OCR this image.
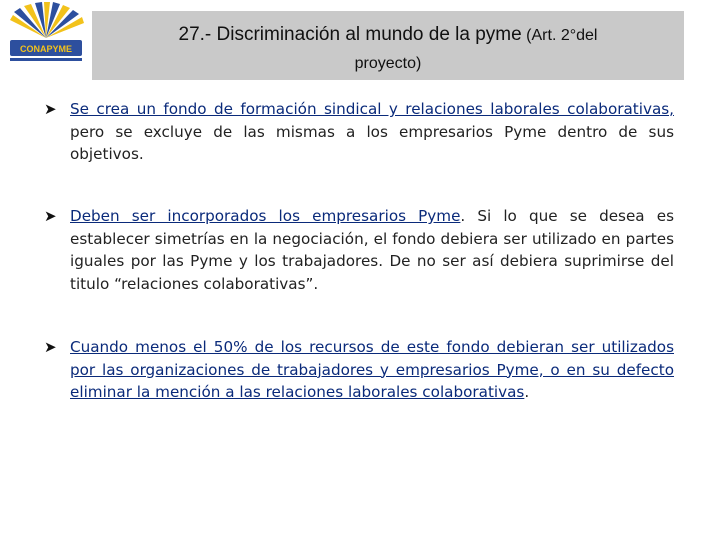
CONAPYME
27.- Discriminación al mundo de la pyme (Art. 2°del
proyecto)
➤ Se crea un fondo de formación sindical y relaciones laborales colaborativas, pero se excluye de las mismas a los empresarios Pyme dentro de sus objetivos.
➤ Deben ser incorporados los empresarios Pyme. Si lo que se desea es establecer simetrías en la negociación, el fondo debiera ser utilizado en partes iguales por las Pyme y los trabajadores. De no ser así debiera suprimirse del titulo “relaciones colaborativas”.
➤ Cuando menos el 50% de los recursos de este fondo debieran ser utilizados por las organizaciones de trabajadores y empresarios Pyme, o en su defecto eliminar la mención a las relaciones laborales colaborativas.
